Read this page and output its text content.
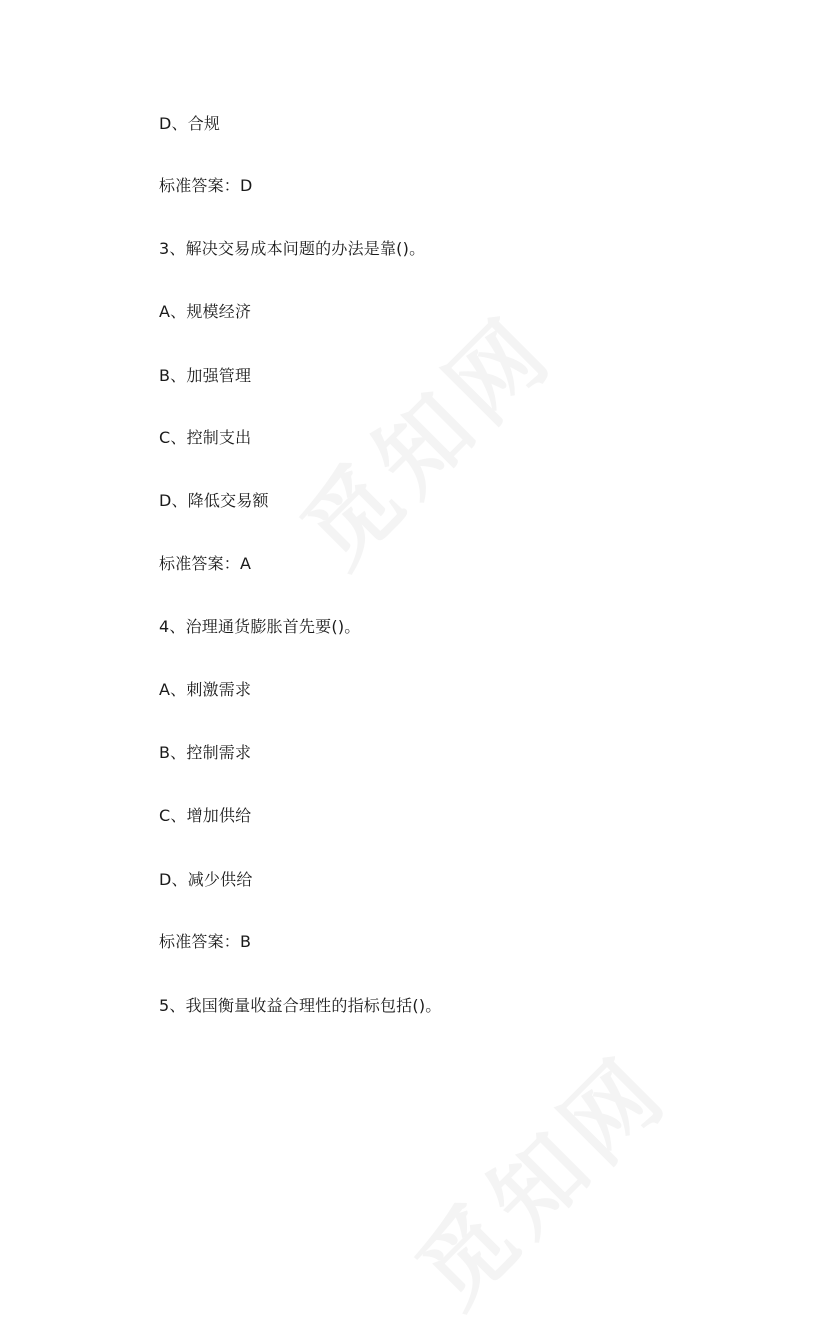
D、合规
标准答案：D
3、解决交易成本问题的办法是靠()。
A、规模经济
B、加强管理
C、控制支出
D、降低交易额
标准答案：A
4、治理通货膨胀首先要()。
A、刺激需求
B、控制需求
C、增加供给
D、减少供给
标准答案：B
5、我国衡量收益合理性的指标包括()。
